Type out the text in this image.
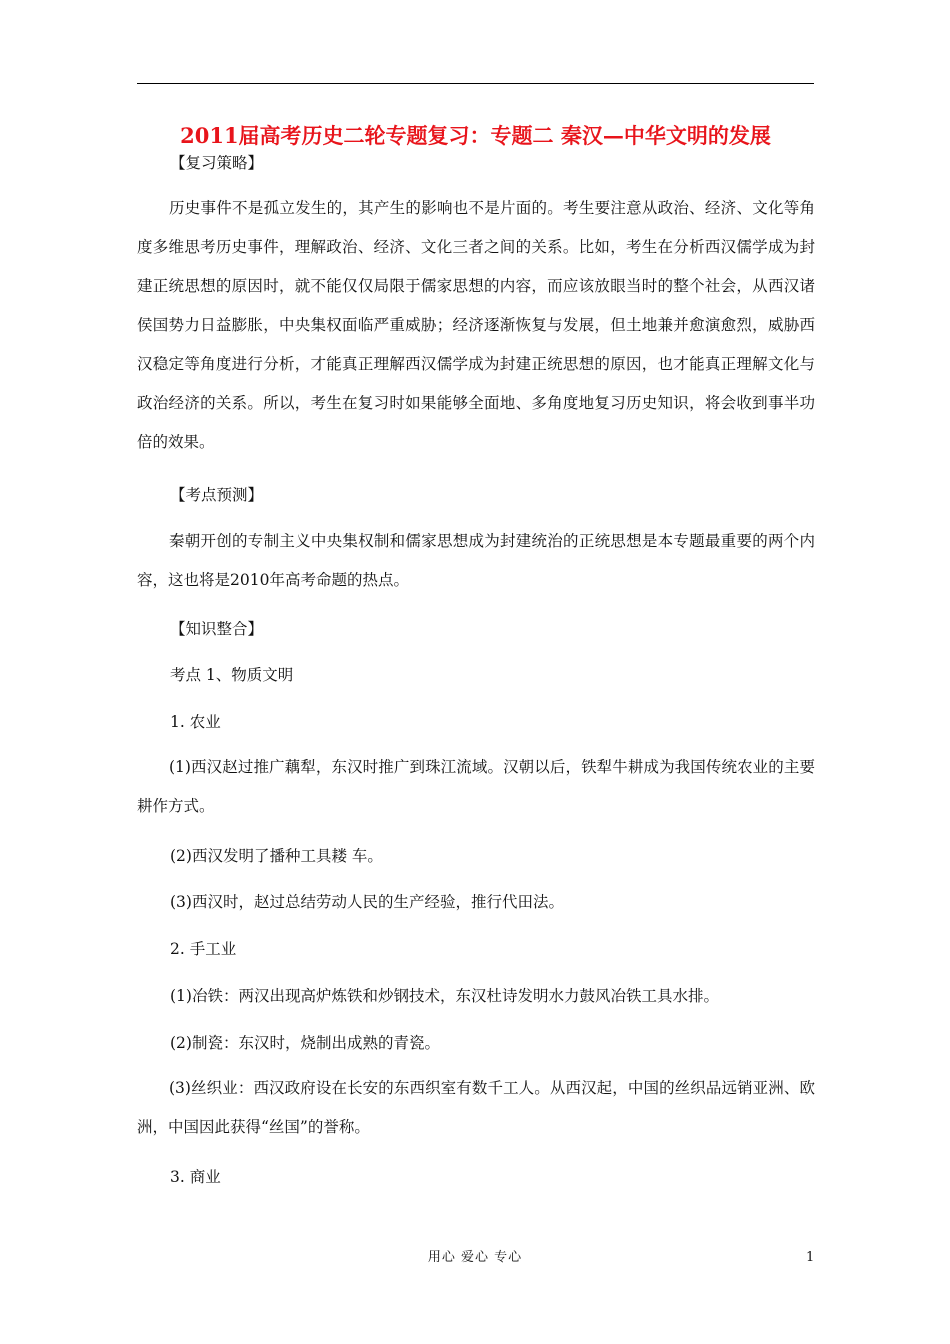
2011届高考历史二轮专题复习：专题二 秦汉—中华文明的发展
【复习策略】

历史事件不是孤立发生的，其产生的影响也不是片面的。考生要注意从政治、经济、文化等角度多维思考历史事件，理解政治、经济、文化三者之间的关系。比如，考生在分析西汉儒学成为封建正统思想的原因时，就不能仅仅局限于儒家思想的内容，而应该放眼当时的整个社会，从西汉诸侯国势力日益膨胀，中央集权面临严重威胁；经济逐渐恢复与发展，但土地兼并愈演愈烈，威胁西汉稳定等角度进行分析，才能真正理解西汉儒学成为封建正统思想的原因，也才能真正理解文化与政治经济的关系。所以，考生在复习时如果能够全面地、多角度地复习历史知识，将会收到事半功倍的效果。

【考点预测】

秦朝开创的专制主义中央集权制和儒家思想成为封建统治的正统思想是本专题最重要的两个内容，这也将是2010年高考命题的热点。

【知识整合】
考点 1、物质文明
1. 农业

(1)西汉赵过推广藕犁，东汉时推广到珠江流域。汉朝以后，铁犁牛耕成为我国传统农业的主要耕作方式。

(2)西汉发明了播种工具耧 车。
(3)西汉时，赵过总结劳动人民的生产经验，推行代田法。
2. 手工业
(1)冶铁：两汉出现高炉炼铁和炒钢技术，东汉杜诗发明水力鼓风冶铁工具水排。
(2)制瓷：东汉时，烧制出成熟的青瓷。

(3)丝织业：西汉政府设在长安的东西织室有数千工人。从西汉起，中国的丝织品远销亚洲、欧洲，中国因此获得“丝国”的誉称。

3. 商业
用心 爱心 专心	1
